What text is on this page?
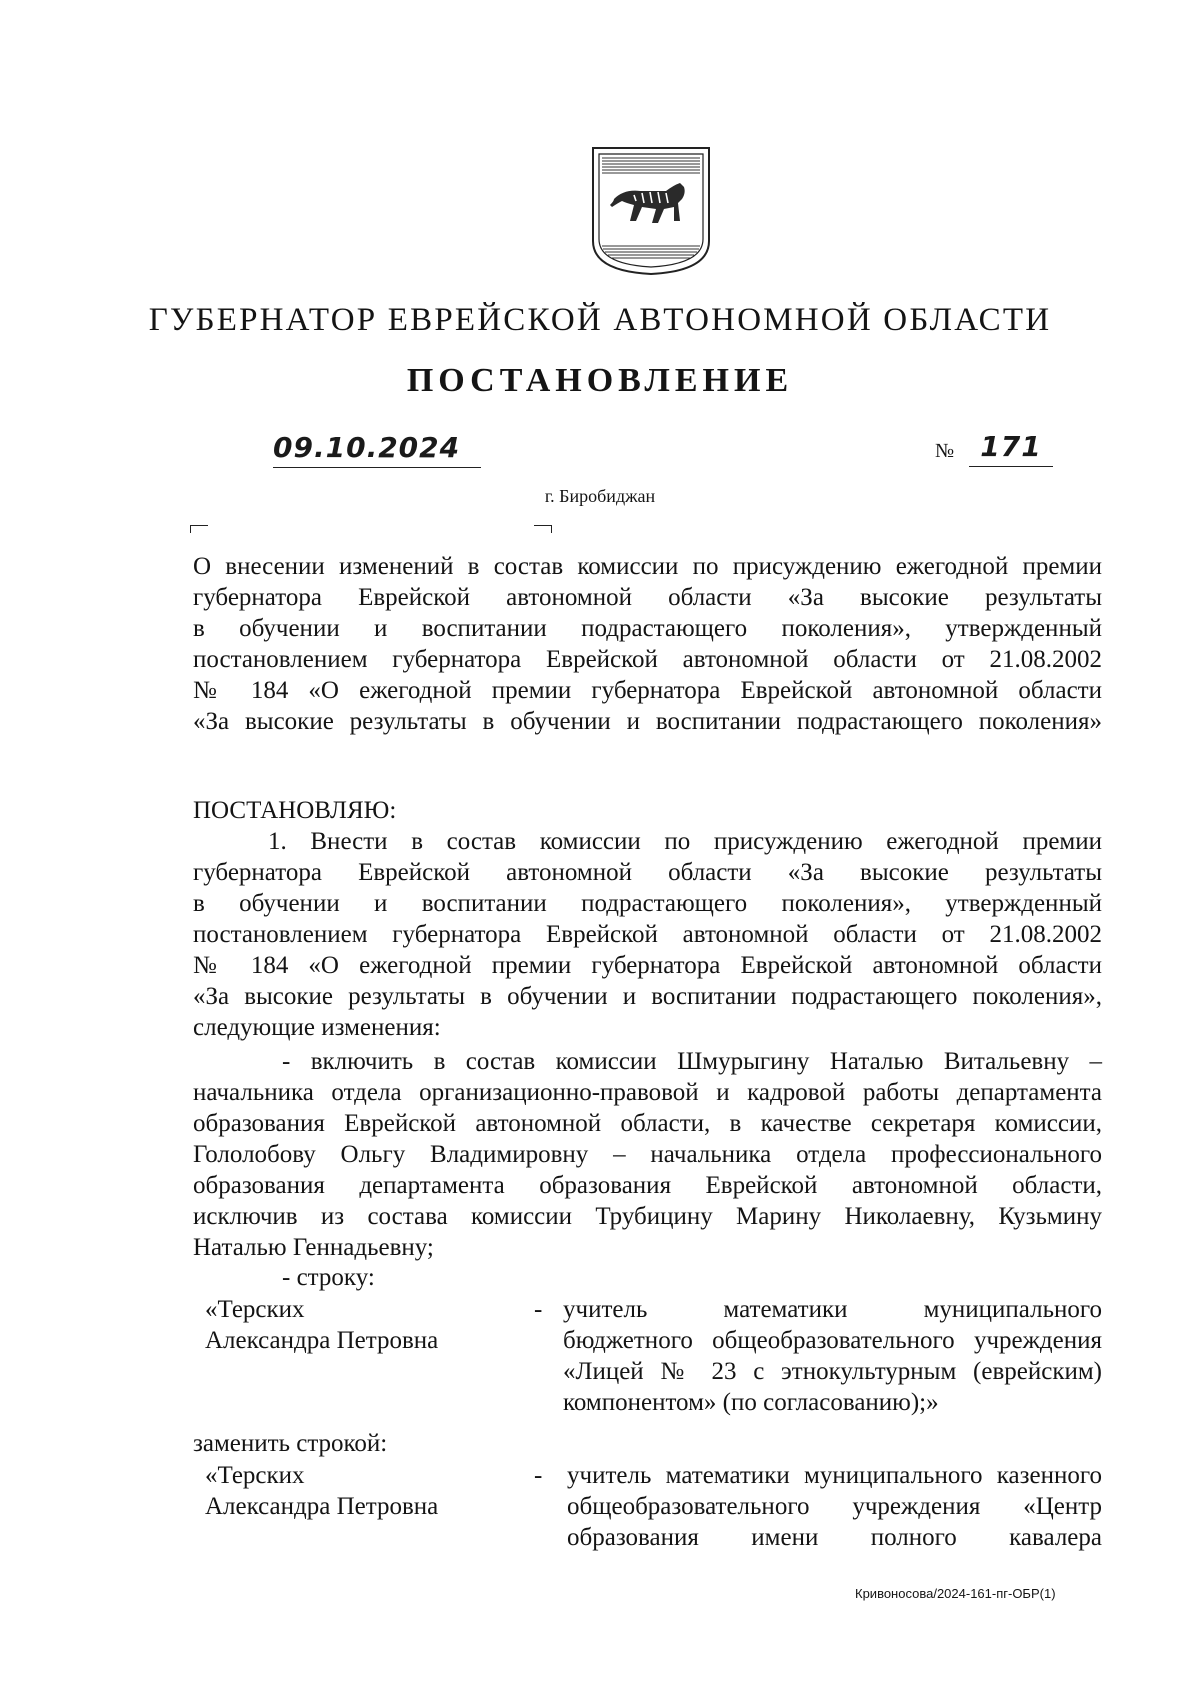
ГУБЕРНАТОР ЕВРЕЙСКОЙ АВТОНОМНОЙ ОБЛАСТИ
ПОСТАНОВЛЕНИЕ
09.10.2024	№ 171
г. Биробиджан
О внесении изменений в состав комиссии по присуждению ежегодной премии
губернатора Еврейской автономной области «За высокие результаты
в обучении и воспитании подрастающего поколения», утвержденный
постановлением губернатора Еврейской автономной области от 21.08.2002
№ 184 «О ежегодной премии губернатора Еврейской автономной области
«За высокие результаты в обучении и воспитании подрастающего поколения»
ПОСТАНОВЛЯЮ:
1. Внести в состав комиссии по присуждению ежегодной премии
губернатора Еврейской автономной области «За высокие результаты
в обучении и воспитании подрастающего поколения», утвержденный
постановлением губернатора Еврейской автономной области от 21.08.2002
№ 184 «О ежегодной премии губернатора Еврейской автономной области
«За высокие результаты в обучении и воспитании подрастающего поколения»,
следующие изменения:
- включить в состав комиссии Шмурыгину Наталью Витальевну –
начальника отдела организационно-правовой и кадровой работы департамента
образования Еврейской автономной области, в качестве секретаря комиссии,
Гололобову Ольгу Владимировну – начальника отдела профессионального
образования департамента образования Еврейской автономной области,
исключив из состава комиссии Трубицину Марину Николаевну, Кузьмину
Наталью Геннадьевну;
- строку:
«Терских
Александра Петровна
- учитель математики муниципального
бюджетного общеобразовательного учреждения
«Лицей № 23 с этнокультурным (еврейским)
компонентом» (по согласованию);»
заменить строкой:
«Терских
Александра Петровна
- учитель математики муниципального казенного
общеобразовательного учреждения «Центр
образования имени полного кавалера
Кривоносова/2024-161-пг-ОБР(1)
